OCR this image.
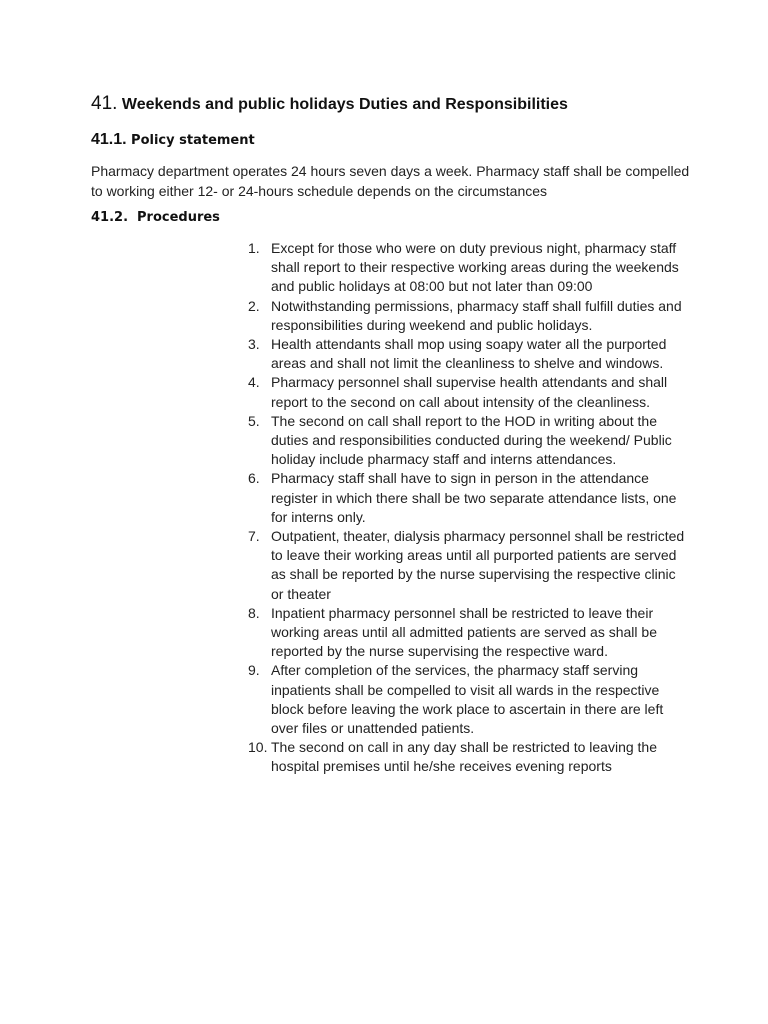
41. Weekends and public holidays Duties and Responsibilities
41.1. Policy statement
Pharmacy department operates 24 hours seven days a week. Pharmacy staff shall be compelled to working either 12- or 24-hours schedule depends on the circumstances
41.2. Procedures
1. Except for those who were on duty previous night, pharmacy staff shall report to their respective working areas during the weekends and public holidays at 08:00 but not later than 09:00
2. Notwithstanding permissions, pharmacy staff shall fulfill duties and responsibilities during weekend and public holidays.
3. Health attendants shall mop using soapy water all the purported areas and shall not limit the cleanliness to shelve and windows.
4. Pharmacy personnel shall supervise health attendants and shall report to the second on call about intensity of the cleanliness.
5. The second on call shall report to the HOD in writing about the duties and responsibilities conducted during the weekend/ Public holiday include pharmacy staff and interns attendances.
6. Pharmacy staff shall have to sign in person in the attendance register in which there shall be two separate attendance lists, one for interns only.
7. Outpatient, theater, dialysis pharmacy personnel shall be restricted to leave their working areas until all purported patients are served as shall be reported by the nurse supervising the respective clinic or theater
8. Inpatient pharmacy personnel shall be restricted to leave their working areas until all admitted patients are served as shall be reported by the nurse supervising the respective ward.
9. After completion of the services, the pharmacy staff serving inpatients shall be compelled to visit all wards in the respective block before leaving the work place to ascertain in there are left over files or unattended patients.
10. The second on call in any day shall be restricted to leaving the hospital premises until he/she receives evening reports
